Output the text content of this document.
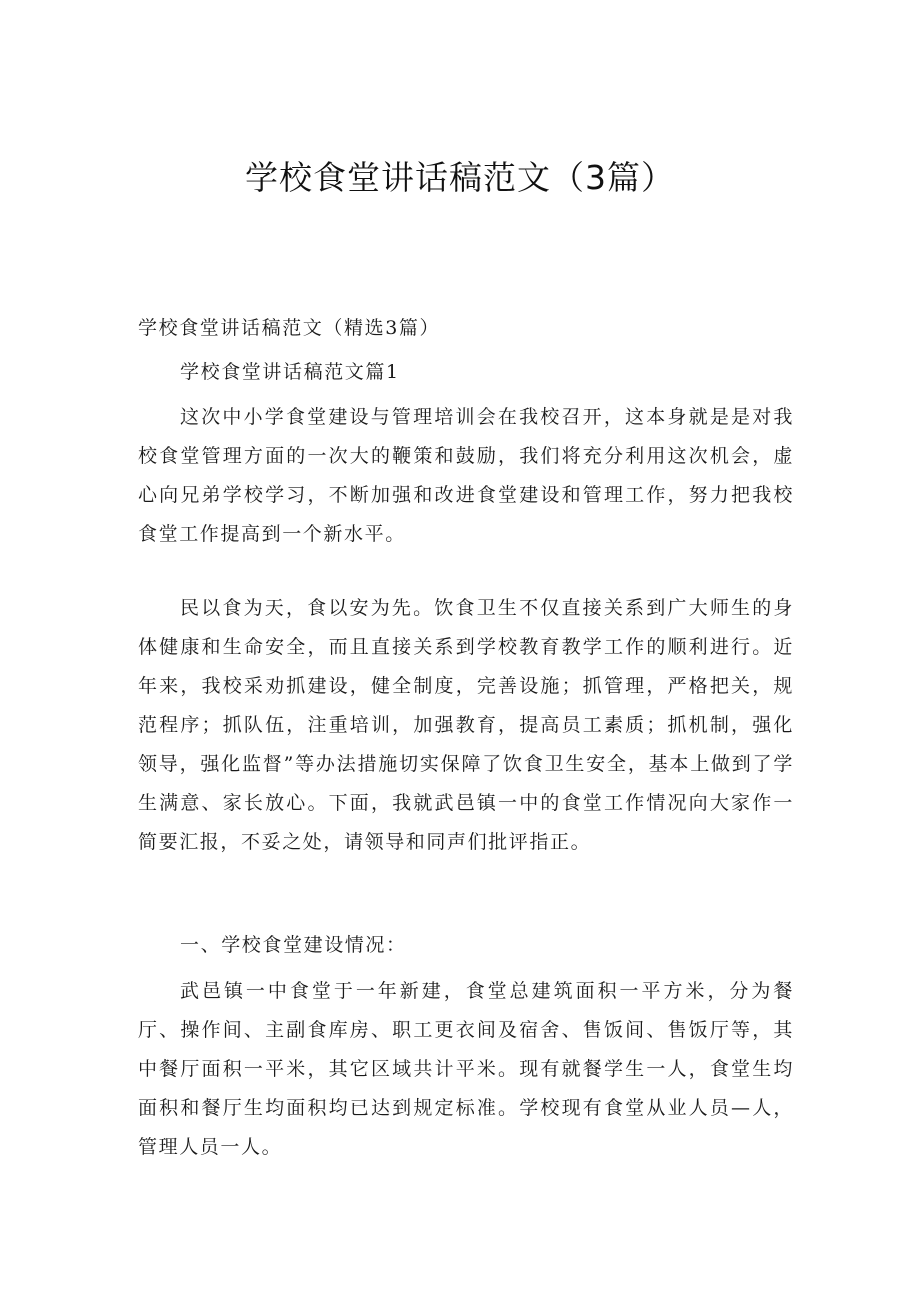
学校食堂讲话稿范文（3篇）

学校食堂讲话稿范文（精选3篇）

学校食堂讲话稿范文篇1

这次中小学食堂建设与管理培训会在我校召开，这本身就是是对我校食堂管理方面的一次大的鞭策和鼓励，我们将充分利用这次机会，虚心向兄弟学校学习，不断加强和改进食堂建设和管理工作，努力把我校食堂工作提高到一个新水平。

民以食为天，食以安为先。饮食卫生不仅直接关系到广大师生的身体健康和生命安全，而且直接关系到学校教育教学工作的顺利进行。近年来，我校采劝抓建设，健全制度，完善设施；抓管理，严格把关，规范程序；抓队伍，注重培训，加强教育，提高员工素质；抓机制，强化领导，强化监督”等办法措施切实保障了饮食卫生安全，基本上做到了学生满意、家长放心。下面，我就武邑镇一中的食堂工作情况向大家作一简要汇报，不妥之处，请领导和同声们批评指正。

一、学校食堂建设情况：

武邑镇一中食堂于一年新建，食堂总建筑面积一平方米，分为餐厅、操作间、主副食库房、职工更衣间及宿舍、售饭间、售饭厅等，其中餐厅面积一平米，其它区域共计平米。现有就餐学生一人，食堂生均面积和餐厅生均面积均已达到规定标准。学校现有食堂从业人员—人，管理人员一人。
